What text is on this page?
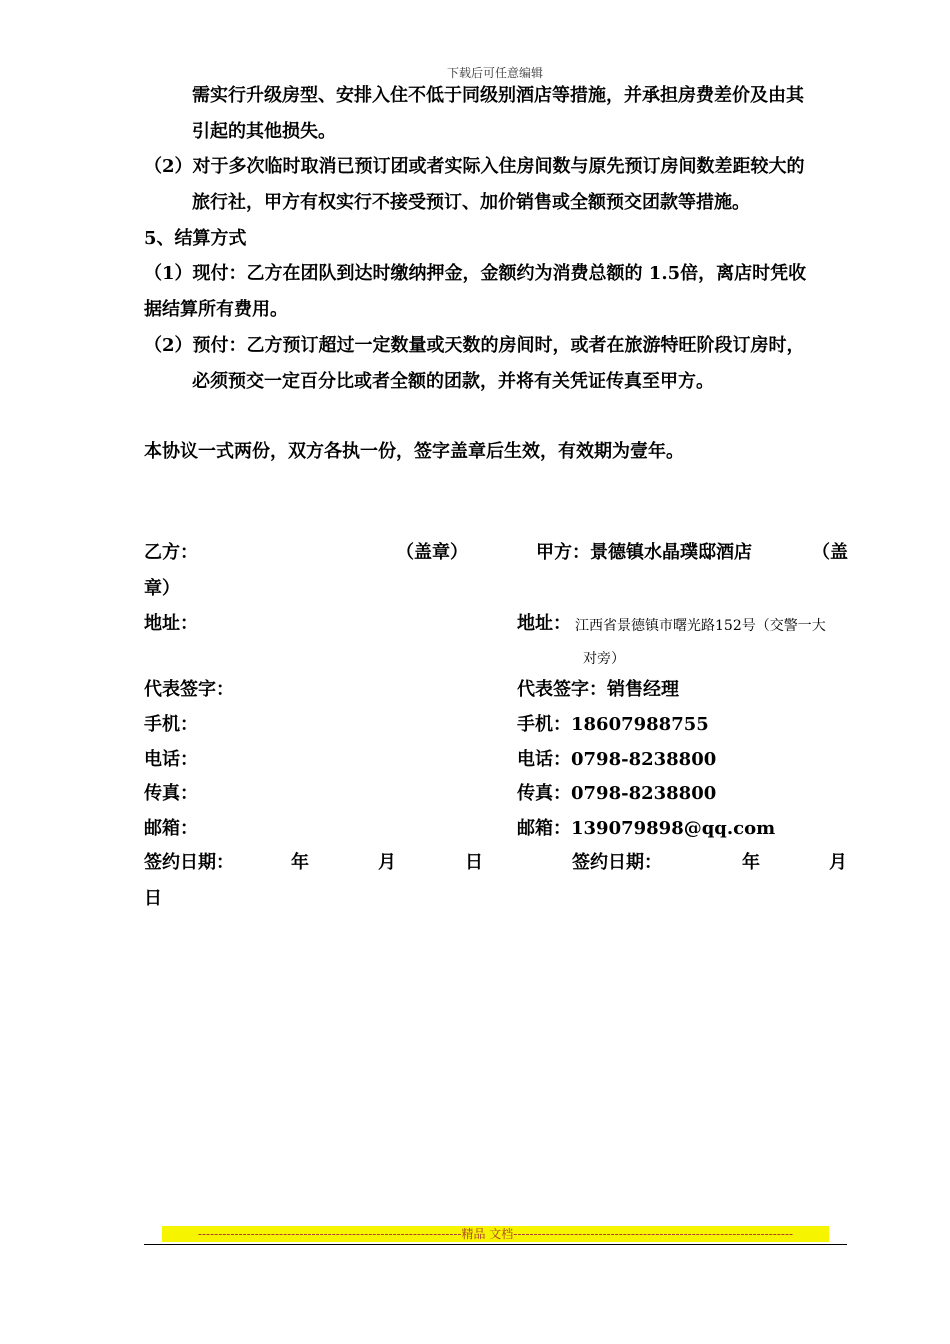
下载后可任意编辑
需实行升级房型、安排入住不低于同级别酒店等措施，并承担房费差价及由其
引起的其他损失。
（2）对于多次临时取消已预订团或者实际入住房间数与原先预订房间数差距较大的
旅行社，甲方有权实行不接受预订、加价销售或全额预交团款等措施。
5、结算方式
（1）现付：乙方在团队到达时缴纳押金，金额约为消费总额的 1.5倍，离店时凭收
据结算所有费用。
（2）预付：乙方预订超过一定数量或天数的房间时，或者在旅游特旺阶段订房时，
必须预交一定百分比或者全额的团款，并将有关凭证传真至甲方。
本协议一式两份，双方各执一份，签字盖章后生效，有效期为壹年。
乙方：	（盖章）	甲方：景德镇水晶璞邸酒店	（盖
章）
地址：	地址： 江西省景德镇市曙光路152号（交警一大
对旁）
代表签字：	代表签字：销售经理
手机：	手机：18607988755
电话：	电话：0798-8238800
传真：	传真：0798-8238800
邮箱：	邮箱：139079898@qq.com
签约日期：	年	月	日	签约日期：	年	月
日
-----------------------------------------------------------------精品 文档---------------------------------------------------------------------
